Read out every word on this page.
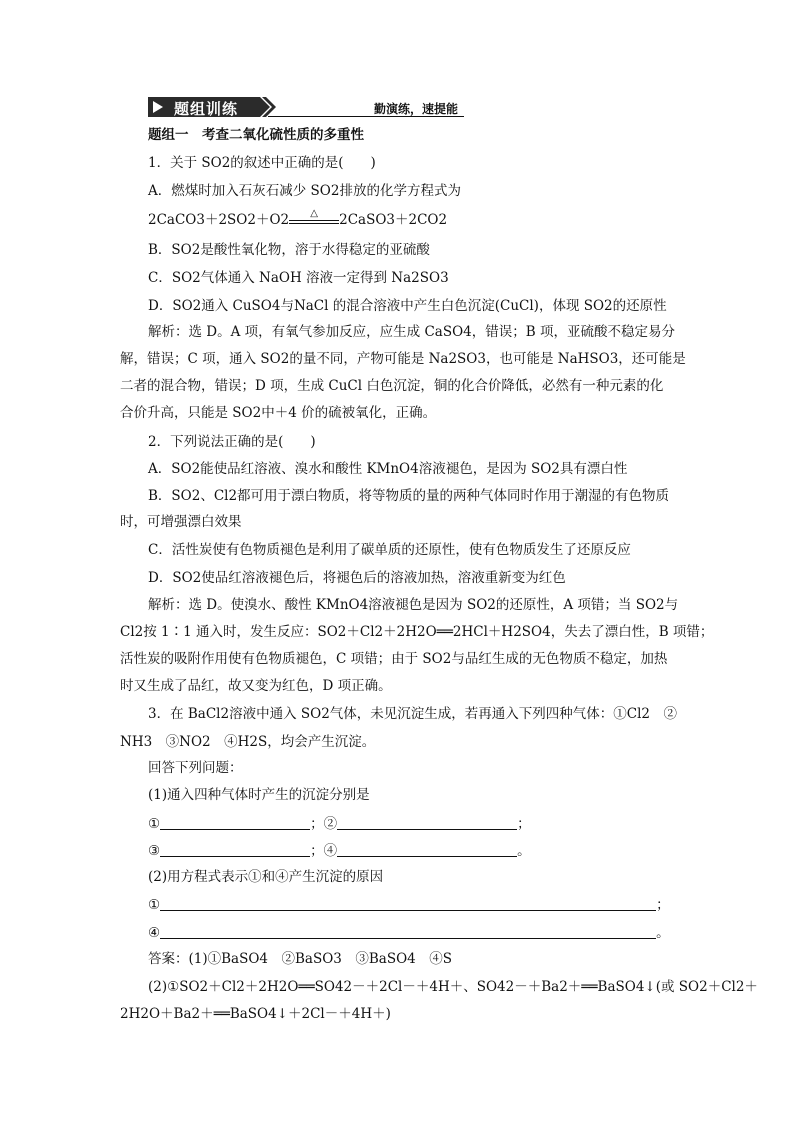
题组训练	勤演练，速提能
题组一　考查二氧化硫性质的多重性
1．关于 SO2的叙述中正确的是(　　)
A．燃煤时加入石灰石减少 SO2排放的化学方程式为
2CaCO3＋2SO2＋O2	△	2CaSO3＋2CO2
B．SO2是酸性氧化物，溶于水得稳定的亚硫酸
C．SO2气体通入 NaOH 溶液一定得到 Na2SO3
D．SO2通入 CuSO4与NaCl 的混合溶液中产生白色沉淀(CuCl)，体现 SO2的还原性
解析：选 D。A 项，有氧气参加反应，应生成 CaSO4，错误；B 项，亚硫酸不稳定易分
解，错误；C 项，通入 SO2的量不同，产物可能是 Na2SO3，也可能是 NaHSO3，还可能是
二者的混合物，错误；D 项，生成 CuCl 白色沉淀，铜的化合价降低，必然有一种元素的化
合价升高，只能是 SO2中＋4 价的硫被氧化，正确。
2．下列说法正确的是(　　)
A．SO2能使品红溶液、溴水和酸性 KMnO4溶液褪色，是因为 SO2具有漂白性
B．SO2、Cl2都可用于漂白物质，将等物质的量的两种气体同时作用于潮湿的有色物质
时，可增强漂白效果
C．活性炭使有色物质褪色是利用了碳单质的还原性，使有色物质发生了还原反应
D．SO2使品红溶液褪色后，将褪色后的溶液加热，溶液重新变为红色
解析：选 D。使溴水、酸性 KMnO4溶液褪色是因为 SO2的还原性，A 项错；当 SO2与
Cl2按 1∶1 通入时，发生反应：SO2＋Cl2＋2H2O══2HCl＋H2SO4，失去了漂白性，B 项错；
活性炭的吸附作用使有色物质褪色，C 项错；由于 SO2与品红生成的无色物质不稳定，加热
时又生成了品红，故又变为红色，D 项正确。
3．在 BaCl2溶液中通入 SO2气体，未见沉淀生成，若再通入下列四种气体：①Cl2　②
NH3　③NO2　④H2S，均会产生沉淀。
回答下列问题：
(1)通入四种气体时产生的沉淀分别是
①	；②	；
③	；④	。
(2)用方程式表示①和④产生沉淀的原因
①	；
④	。
答案：(1)①BaSO4　②BaSO3　③BaSO4　④S
(2)①SO2＋Cl2＋2H2O══SO42－＋2Cl－＋4H＋、SO42－＋Ba2＋══BaSO4↓(或 SO2＋Cl2＋
2H2O＋Ba2＋══BaSO4↓＋2Cl－＋4H＋)
